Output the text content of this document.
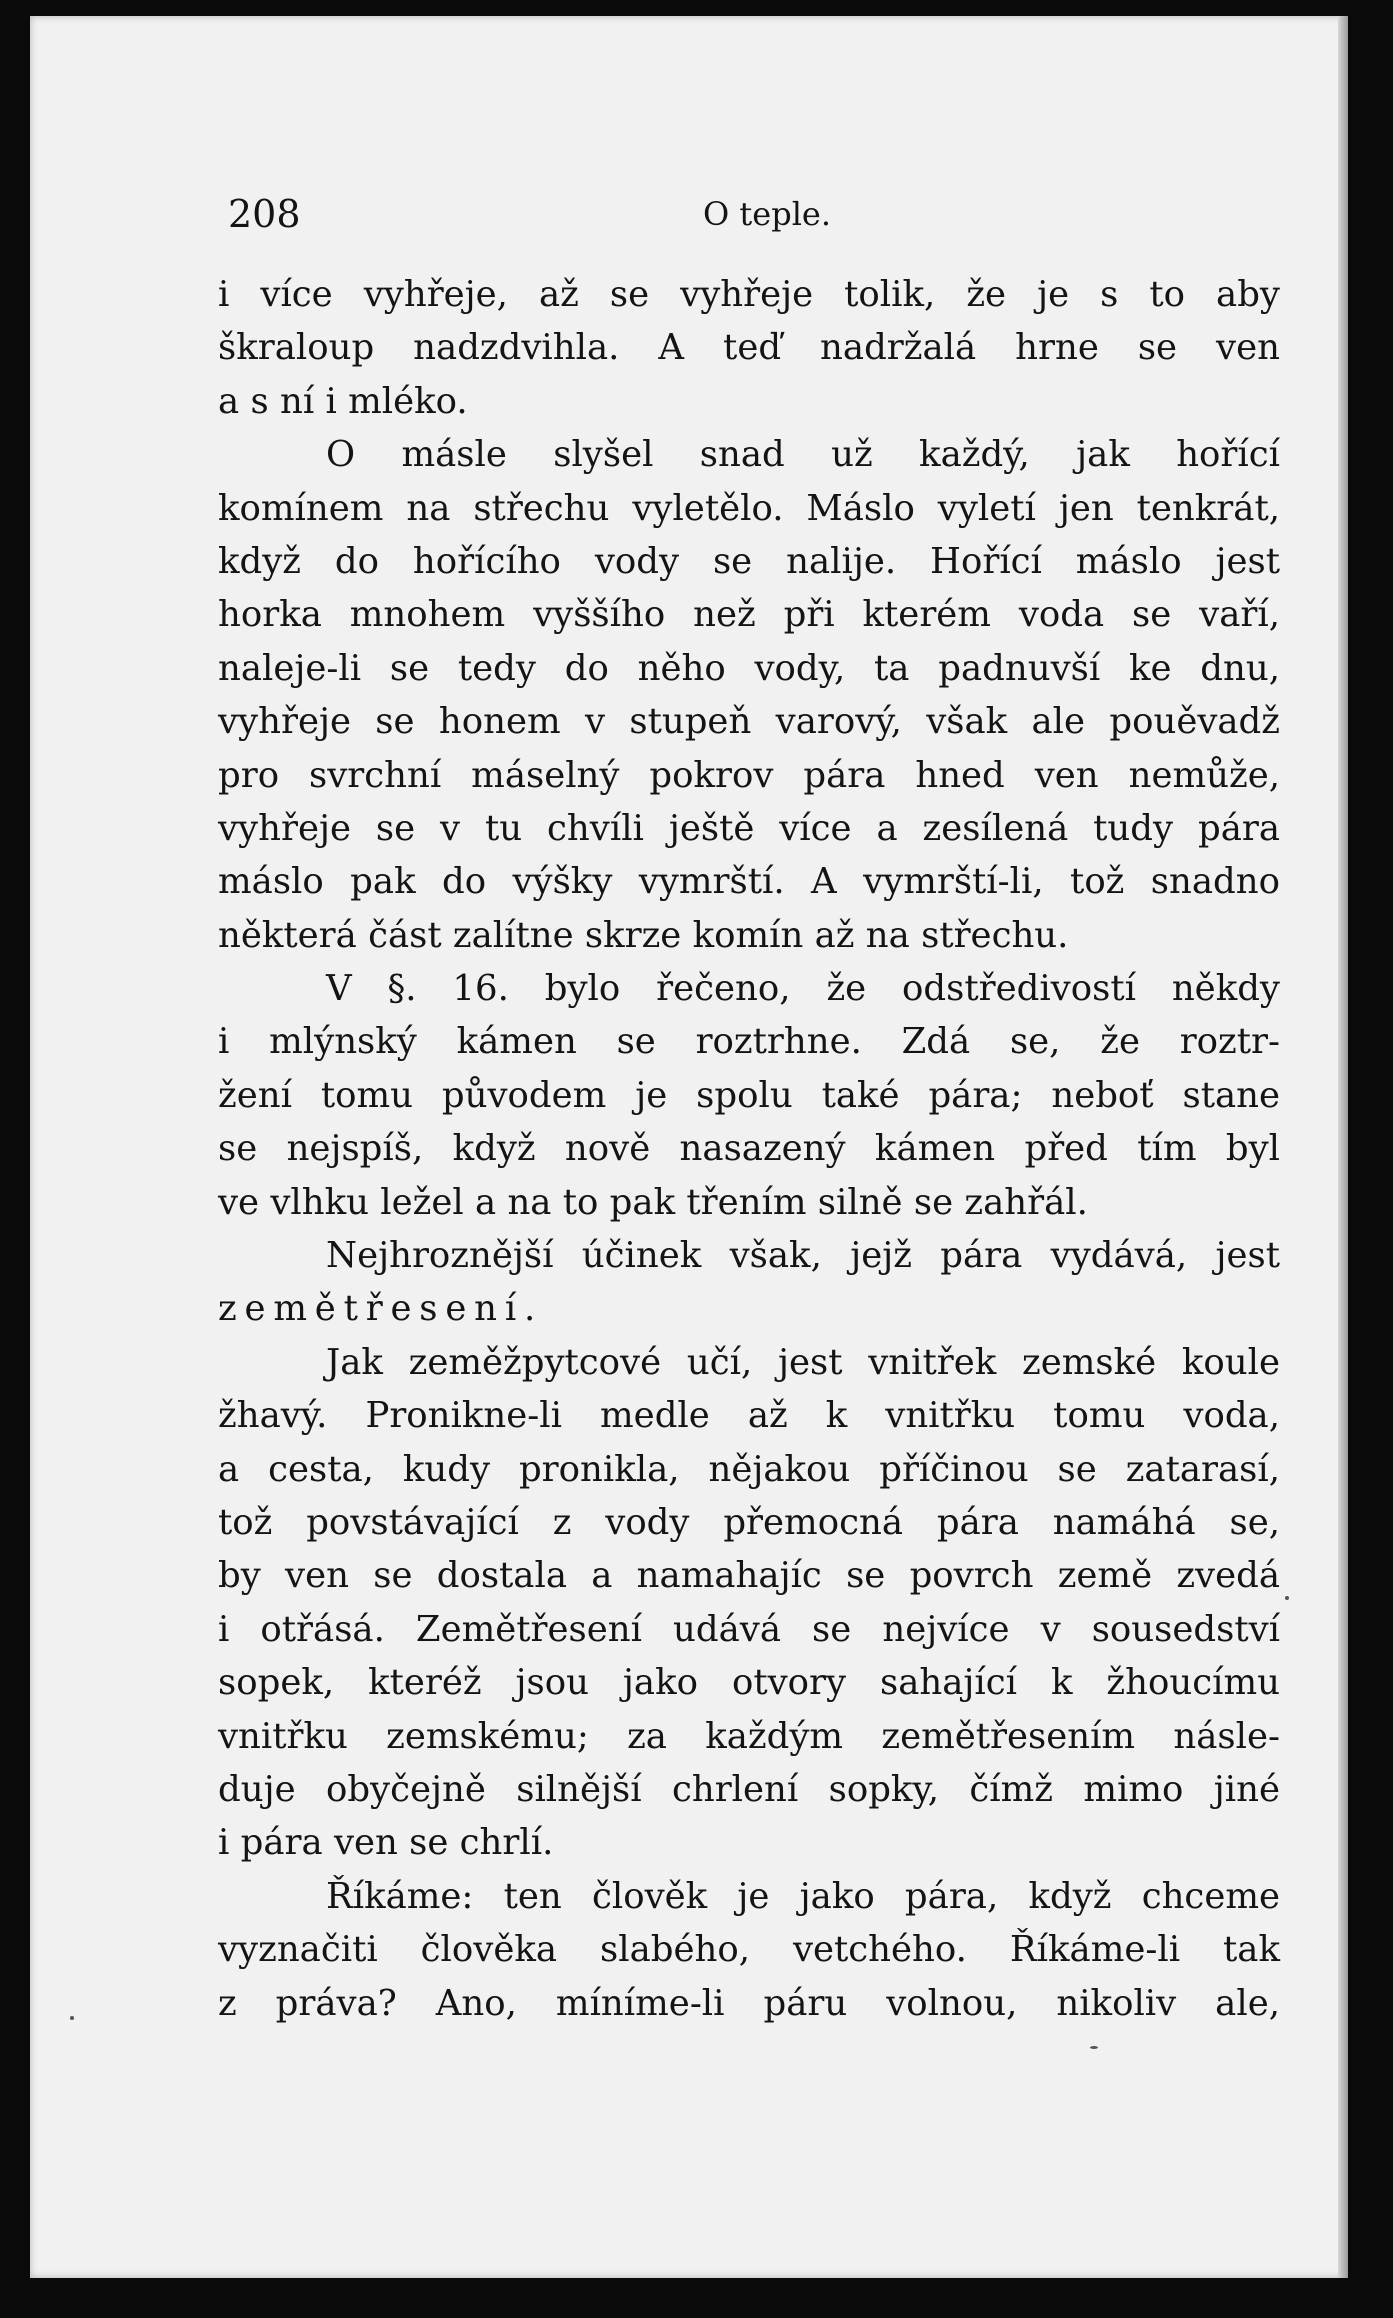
208	O teple.
i více vyhřeje, až se vyhřeje tolik, že je s to aby
škraloup nadzdvihla. A teď nadržalá hrne se ven
a s ní i mléko.
O másle slyšel snad už každý, jak hořící
komínem na střechu vyletělo. Máslo vyletí jen tenkrát,
když do hořícího vody se nalije. Hořící máslo jest
horka mnohem vyššího než při kterém voda se vaří,
naleje-li se tedy do něho vody, ta padnuvší ke dnu,
vyhřeje se honem v stupeň varový, však ale pouěvadž
pro svrchní máselný pokrov pára hned ven nemůže,
vyhřeje se v tu chvíli ještě více a zesílená tudy pára
máslo pak do výšky vymrští. A vymrští-li, tož snadno
některá část zalítne skrze komín až na střechu.
V §. 16. bylo řečeno, že odstředivostí někdy
i mlýnský kámen se roztrhne. Zdá se, že roztr-
žení tomu původem je spolu také pára; neboť stane
se nejspíš, když nově nasazený kámen před tím byl
ve vlhku ležel a na to pak třením silně se zahřál.
Nejhroznější účinek však, jejž pára vydává, jest
zemětřesení.
Jak zeměžpytcové učí, jest vnitřek zemské koule
žhavý. Pronikne-li medle až k vnitřku tomu voda,
a cesta, kudy pronikla, nějakou příčinou se zatarasí,
tož povstávající z vody přemocná pára namáhá se,
by ven se dostala a namahajíc se povrch země zvedá
i otřásá. Zemětřesení udává se nejvíce v sousedství
sopek, kteréž jsou jako otvory sahající k žhoucímu
vnitřku zemskému; za každým zemětřesením násle-
duje obyčejně silnější chrlení sopky, čímž mimo jiné
i pára ven se chrlí.
Říkáme: ten člověk je jako pára, když chceme
vyznačiti člověka slabého, vetchého. Říkáme-li tak
z práva? Ano, míníme-li páru volnou, nikoliv ale,
